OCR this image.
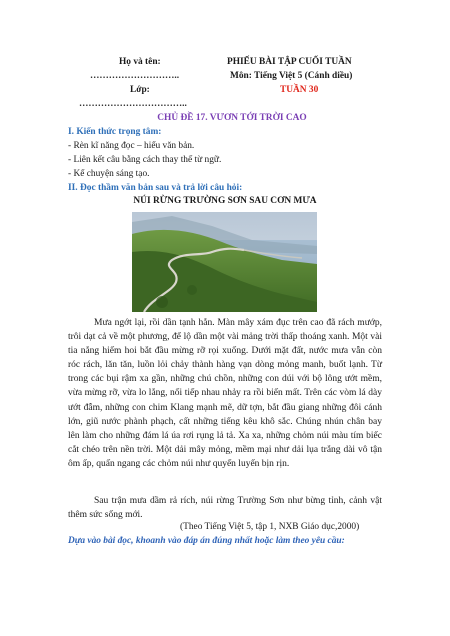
Họ và tên:
………………………..
Lớp:
……………………………..
PHIẾU BÀI TẬP CUỐI TUẦN
Môn: Tiếng Việt 5 (Cánh diều)
TUẦN 30
CHỦ ĐỀ 17. VƯƠN TỚI TRỜI CAO
I. Kiến thức trọng tâm:
- Rèn kĩ năng đọc – hiểu văn bản.
- Liên kết câu bằng cách thay thế từ ngữ.
- Kể chuyện sáng tạo.
II. Đọc thầm văn bản sau và trả lời câu hỏi:
NÚI RỪNG TRƯỜNG SƠN SAU CƠN MƯA
Mưa ngớt lại, rồi dần tạnh hẳn. Màn mây xám đục trên cao đã rách mướp, trôi dạt cả về một phương, để lộ dần một vài mảng trời thấp thoáng xanh. Một vài tia nắng hiếm hoi bắt đầu mừng rỡ rọi xuống. Dưới mặt đất, nước mưa vẫn còn róc rách, lăn tăn, luồn lỏi chảy thành hàng vạn dòng mỏng manh, buốt lạnh. Từ trong các bụi rậm xa gần, những chú chồn, những con dúi với bộ lông ướt mềm, vừa mừng rỡ, vừa lo lắng, nối tiếp nhau nhảy ra rồi biến mất. Trên các vòm lá dày ướt đẫm, những con chim Klang mạnh mẽ, dữ tợn, bắt đầu giang những đôi cánh lớn, giũ nước phành phạch, cất những tiếng kêu khô sắc. Chúng nhún chân bay lên làm cho những đám lá úa rơi rụng lả tả. Xa xa, những chỏm núi màu tím biếc cắt chéo trên nền trời. Một dải mây mỏng, mềm mại như dải lụa trắng dài vô tận ôm ấp, quấn ngang các chỏm núi như quyến luyến bịn rịn.
Sau trận mưa dầm rả rích, núi rừng Trường Sơn như bừng tỉnh, cảnh vật thêm sức sống mới.
(Theo Tiếng Việt 5, tập 1, NXB Giáo dục,2000)
Dựa vào bài đọc, khoanh vào đáp án đúng nhất hoặc làm theo yêu cầu:
